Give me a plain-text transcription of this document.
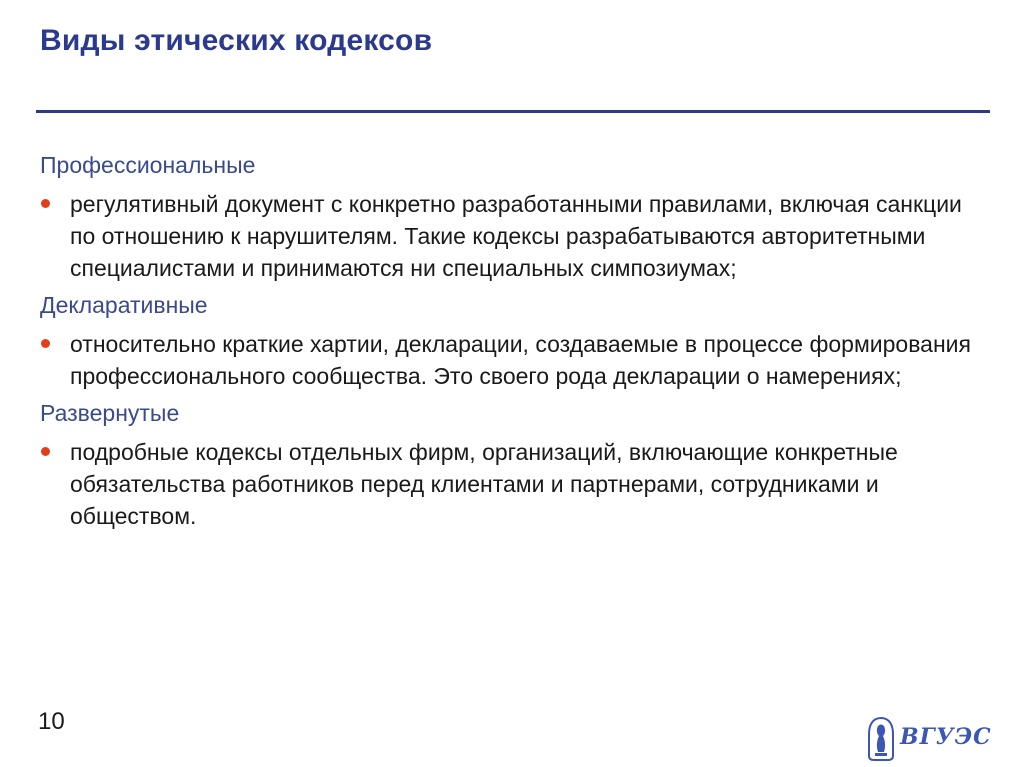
Виды этических кодексов
Профессиональные
регулятивный документ с конкретно разработанными правилами, включая санкции по отношению к нарушителям. Такие кодексы разрабатываются авторитетными специалистами и принимаются ни специальных симпозиумах;
Декларативные
относительно краткие хартии, декларации, создаваемые в процессе формирования профессионального сообщества. Это своего рода декларации о намерениях;
Развернутые
подробные кодексы отдельных фирм, организаций, включающие конкретные обязательства работников перед клиентами и партнерами, сотрудниками и обществом.
10
ВГУЭС
